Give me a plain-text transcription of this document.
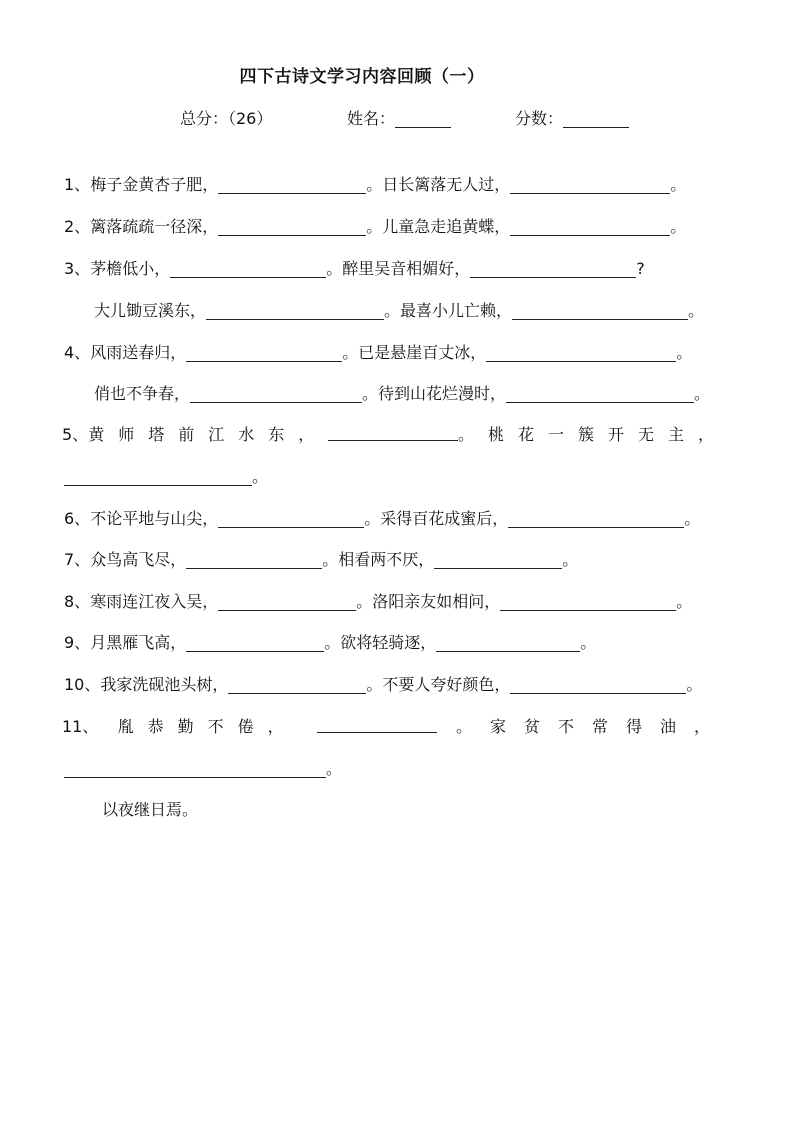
四下古诗文学习内容回顾（一）
总分：（26）	姓名：	分数：
1、梅子金黄杏子肥，	。日长篱落无人过，	。
2、篱落疏疏一径深，	。儿童急走追黄蝶，	。
3、茅檐低小，	。醉里吴音相媚好，	?
大儿锄豆溪东，	。最喜小儿亡赖，	。
4、风雨送春归，	。已是悬崖百丈冰，	。
俏也不争春，	。待到山花烂漫时，	。
5、 黄师塔前江水东，	。桃花一簇开无主，
。
6、不论平地与山尖，	。采得百花成蜜后，	。
7、众鸟高飞尽，	。相看两不厌，	。
8、寒雨连江夜入吴，	。洛阳亲友如相问，	。
9、月黑雁飞高，	。欲将轻骑逐，	。
10、我家洗砚池头树，	。不要人夸好颜色，	。
11、 胤恭勤不倦，	。家贫不常得油，
。
以夜继日焉。
